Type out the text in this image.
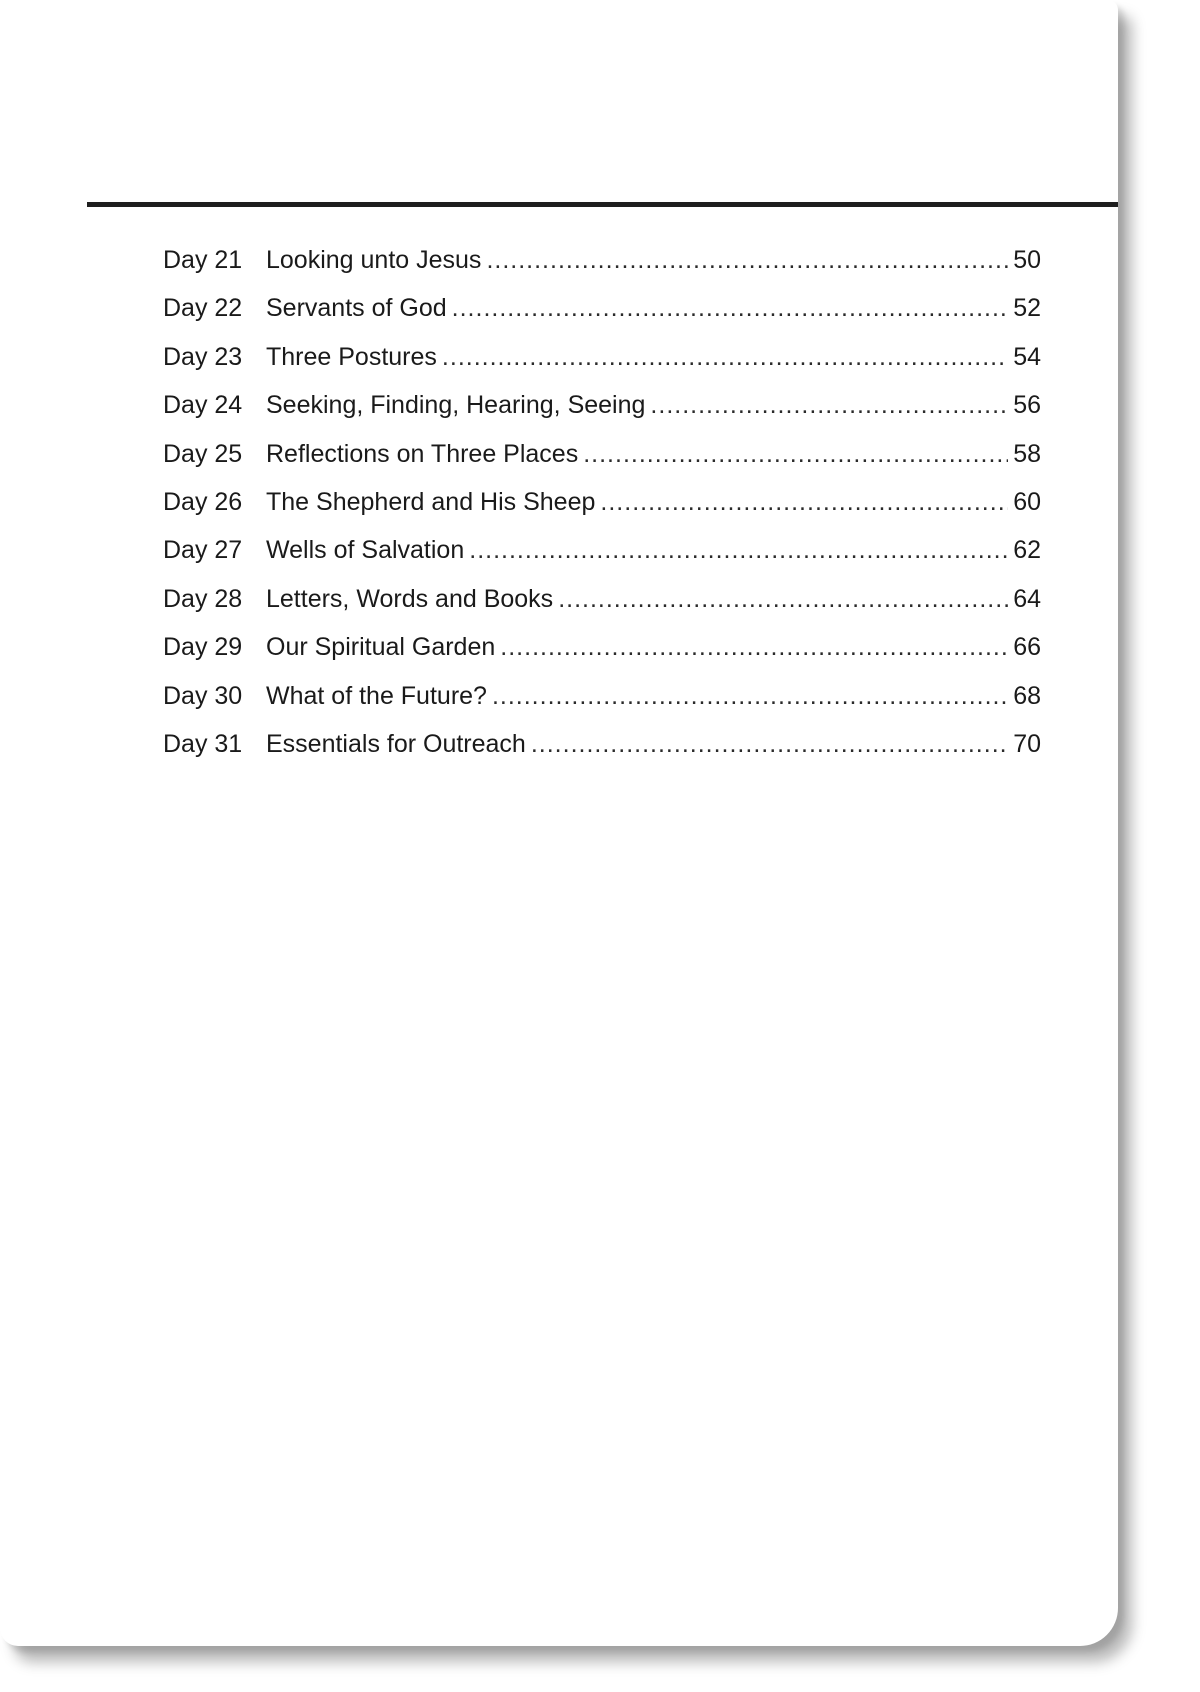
Day 21 Looking unto Jesus .....	50
Day 22 Servants of God .....	52
Day 23 Three Postures .....	54
Day 24 Seeking, Finding, Hearing, Seeing .....	56
Day 25 Reflections on Three Places .....	58
Day 26 The Shepherd and His Sheep .....	60
Day 27 Wells of Salvation .....	62
Day 28 Letters, Words and Books .....	64
Day 29 Our Spiritual Garden .....	66
Day 30 What of the Future? .....	68
Day 31 Essentials for Outreach .....	70
